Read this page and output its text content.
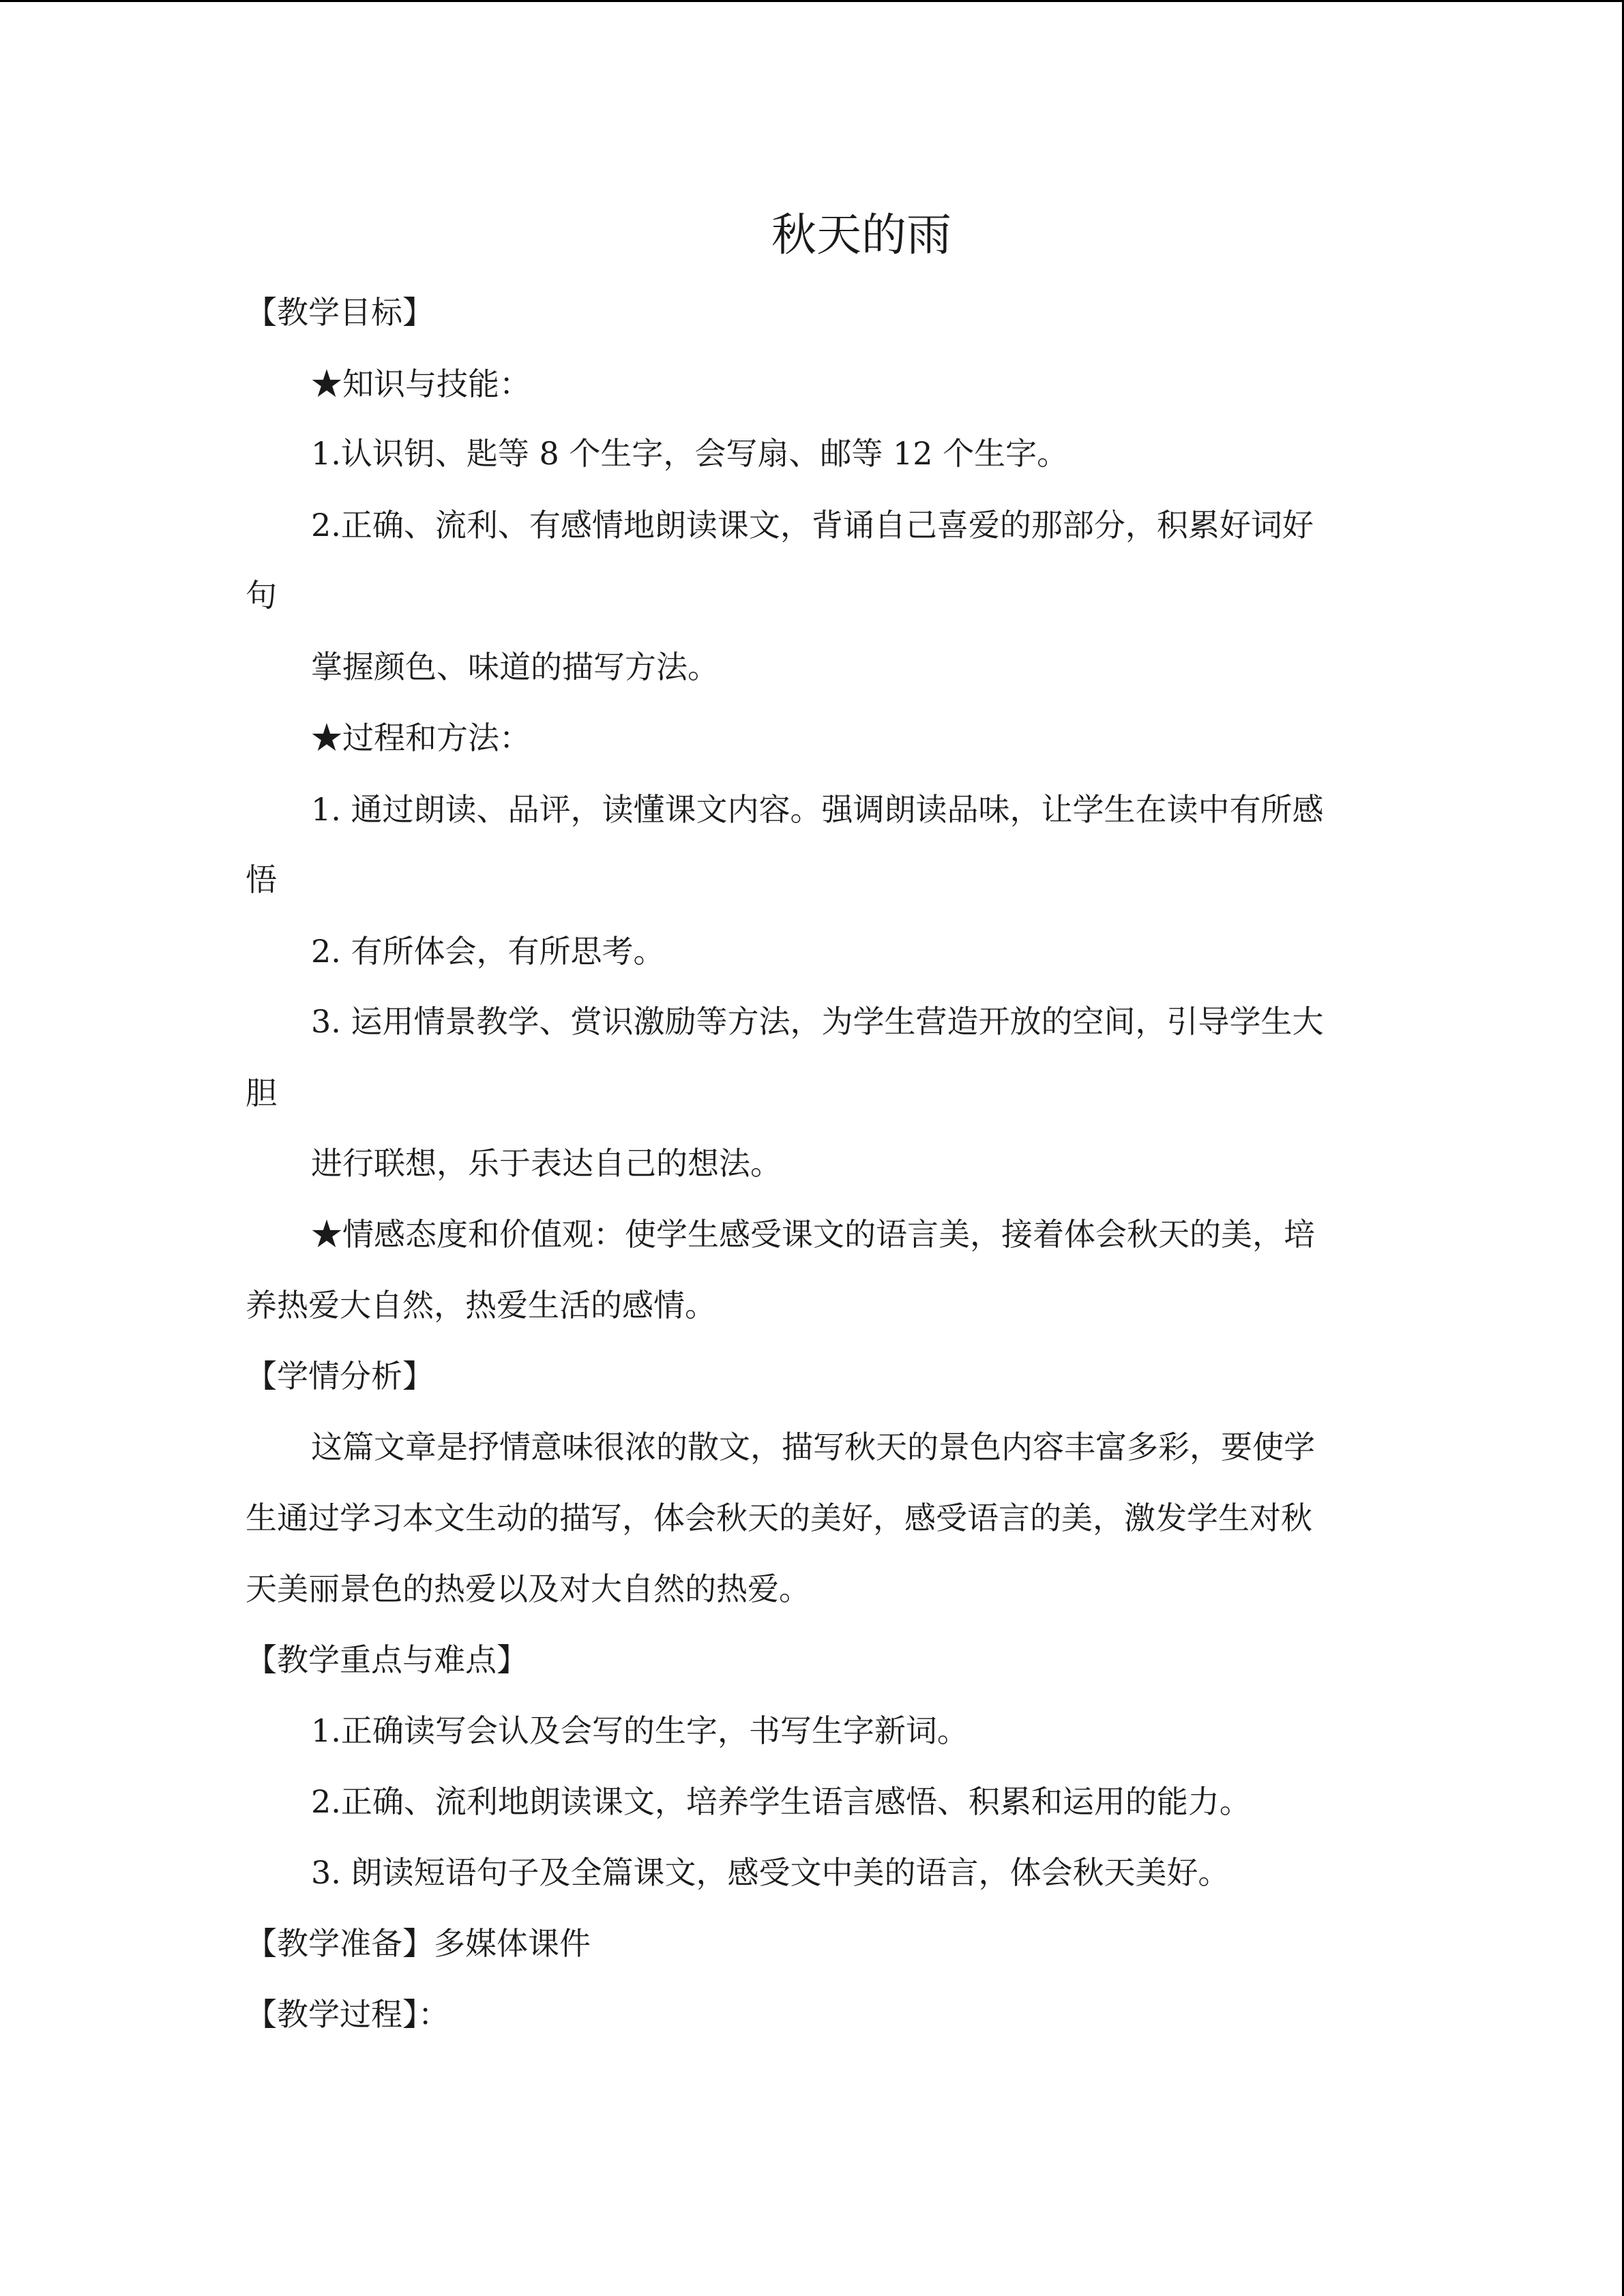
秋天的雨
【教学目标】
★知识与技能：
1.认识钥、匙等 8 个生字，会写扇、邮等 12 个生字。
2.正确、流利、有感情地朗读课文，背诵自己喜爱的那部分，积累好词好
句
掌握颜色、味道的描写方法。
★过程和方法：
1. 通过朗读、品评，读懂课文内容。强调朗读品味，让学生在读中有所感
悟
2. 有所体会，有所思考。
3. 运用情景教学、赏识激励等方法，为学生营造开放的空间，引导学生大
胆
进行联想，乐于表达自己的想法。
★情感态度和价值观：使学生感受课文的语言美，接着体会秋天的美，培
养热爱大自然，热爱生活的感情。
【学情分析】
这篇文章是抒情意味很浓的散文，描写秋天的景色内容丰富多彩，要使学
生通过学习本文生动的描写，体会秋天的美好，感受语言的美，激发学生对秋
天美丽景色的热爱以及对大自然的热爱。
【教学重点与难点】
1.正确读写会认及会写的生字，书写生字新词。
2.正确、流利地朗读课文，培养学生语言感悟、积累和运用的能力。
3. 朗读短语句子及全篇课文，感受文中美的语言，体会秋天美好。
【教学准备】多媒体课件
【教学过程】：
